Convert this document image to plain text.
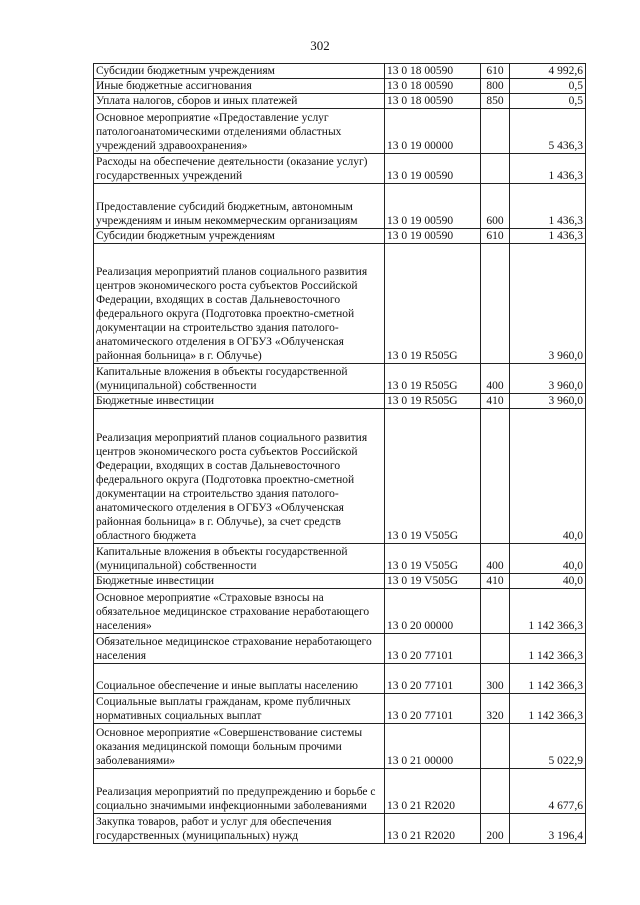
302
Субсидии бюджетным учреждениям	13 0 18 00590	610	4 992,6
Иные бюджетные ассигнования	13 0 18 00590	800	0,5
Уплата налогов, сборов и иных платежей	13 0 18 00590	850	0,5
Основное мероприятие «Предоставление услуг патологоанатомическими отделениями областных учреждений здравоохранения»	13 0 19 00000		5 436,3
Расходы на обеспечение деятельности (оказание услуг) государственных учреждений	13 0 19 00590		1 436,3
Предоставление субсидий бюджетным, автономным учреждениям и иным некоммерческим организациям	13 0 19 00590	600	1 436,3
Субсидии бюджетным учреждениям	13 0 19 00590	610	1 436,3
Реализация мероприятий планов социального развития центров экономического роста субъектов Российской Федерации, входящих в состав Дальневосточного федерального округа (Подготовка проектно-сметной документации на строительство здания патолого-анатомического отделения в ОГБУЗ «Облученская районная больница» в г. Облучье)	13 0 19 R505G		3 960,0
Капитальные вложения в объекты государственной (муниципальной) собственности	13 0 19 R505G	400	3 960,0
Бюджетные инвестиции	13 0 19 R505G	410	3 960,0
Реализация мероприятий планов социального развития центров экономического роста субъектов Российской Федерации, входящих в состав Дальневосточного федерального округа (Подготовка проектно-сметной документации на строительство здания патолого-анатомического отделения в ОГБУЗ «Облученская районная больница» в г. Облучье), за счет средств областного бюджета	13 0 19 V505G		40,0
Капитальные вложения в объекты государственной (муниципальной) собственности	13 0 19 V505G	400	40,0
Бюджетные инвестиции	13 0 19 V505G	410	40,0
Основное мероприятие «Страховые взносы на обязательное медицинское страхование неработающего населения»	13 0 20 00000		1 142 366,3
Обязательное медицинское страхование неработающего населения	13 0 20 77101		1 142 366,3
Социальное обеспечение и иные выплаты населению	13 0 20 77101	300	1 142 366,3
Социальные выплаты гражданам, кроме публичных нормативных социальных выплат	13 0 20 77101	320	1 142 366,3
Основное мероприятие «Совершенствование системы оказания медицинской помощи больным прочими заболеваниями»	13 0 21 00000		5 022,9
Реализация мероприятий по предупреждению и борьбе с социально значимыми инфекционными заболеваниями	13 0 21 R2020		4 677,6
Закупка товаров, работ и услуг для обеспечения государственных (муниципальных) нужд	13 0 21 R2020	200	3 196,4
